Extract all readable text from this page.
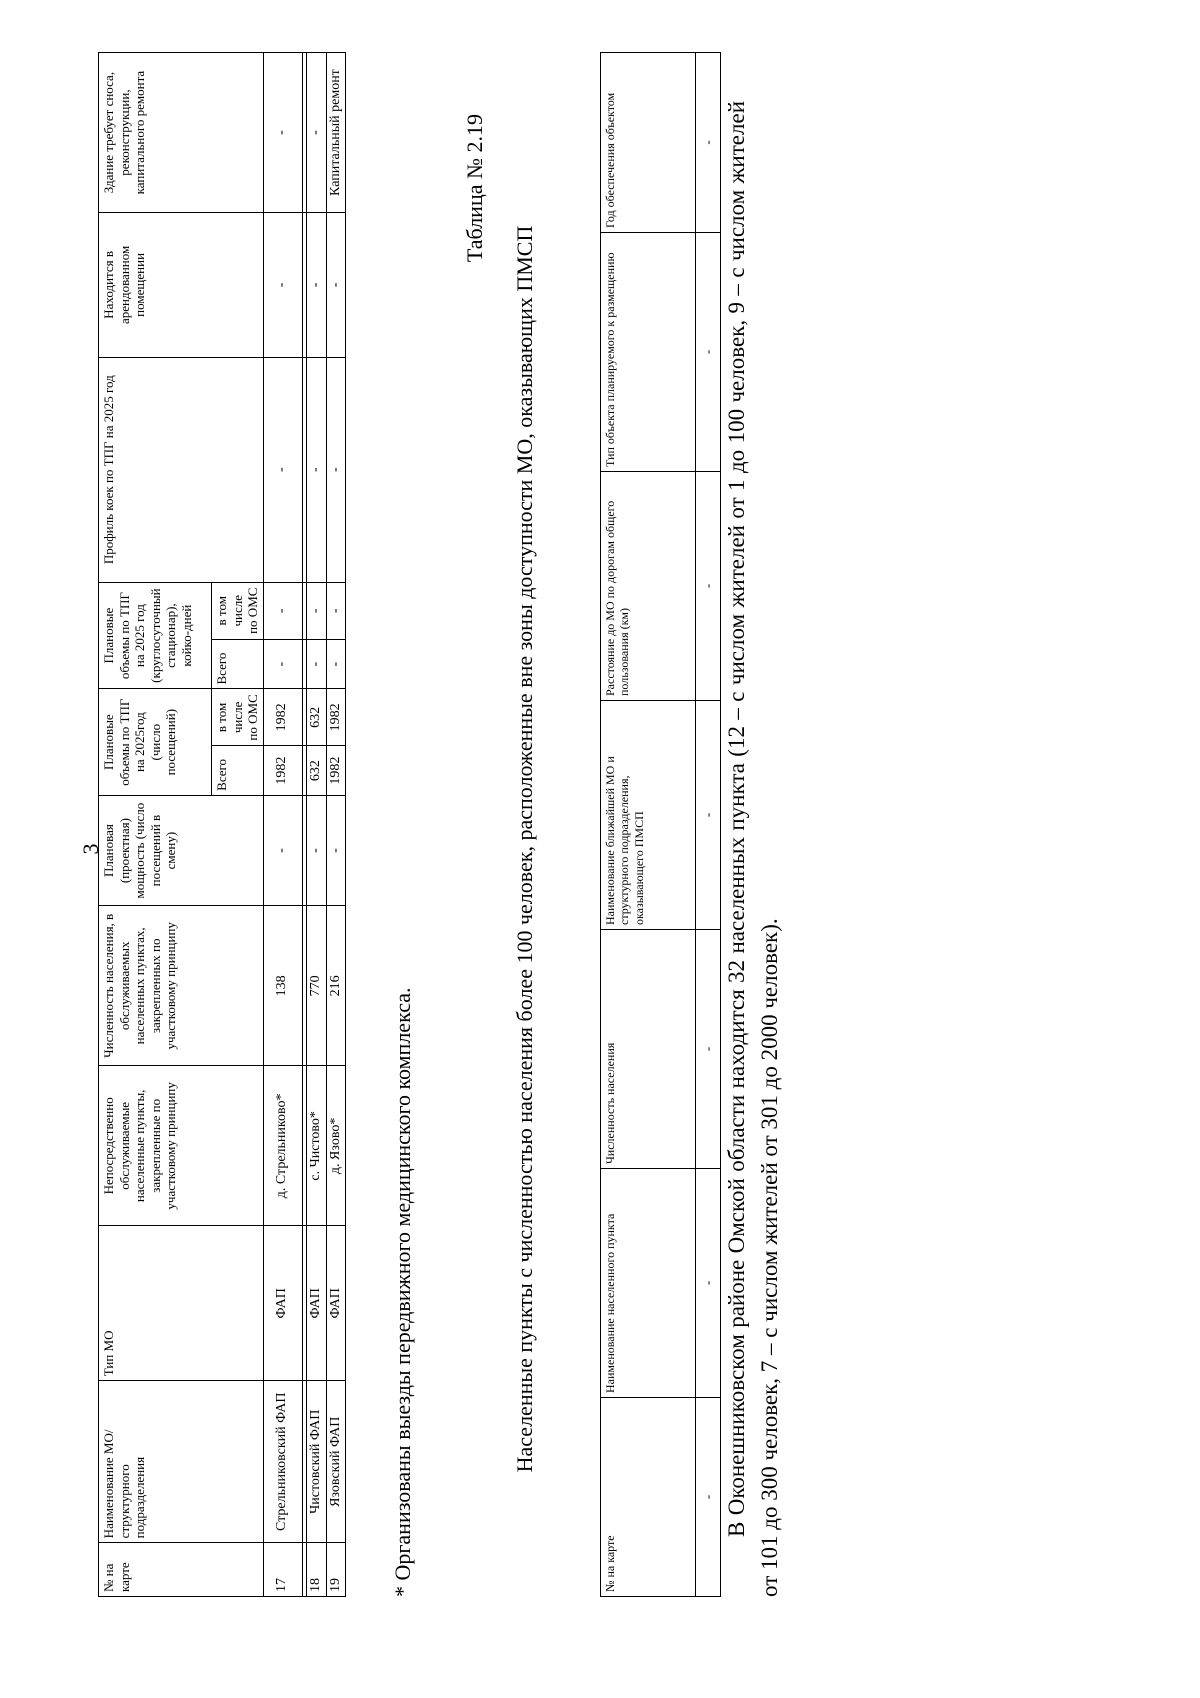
3
№ на карте	Наименование МО/ структурного подразделения	Тип МО	Непосредственно обслуживаемые населенные пункты, закрепленные по участковому принципу	Численность населения, в обслуживаемых населенных пунктах, закрепленных по участковому принципу	Плановая (проектная) мощность (число посещений в смену)	Плановые объемы по ТПГ на 2025год (число посещений)		Плановые объемы по ТПГ на 2025 год (круглосуточный стационар), койко-дней		Профиль коек по ТПГ на 2025 год	Находится в арендованном помещении	Здание требует сноса, реконструкции, капитального ремонта
						Всего	в том числе по ОМС	Всего	в том числе по ОМС			
17	Стрельниковский ФАП	ФАП	д. Стрельниково*	138	-	1982	1982	-	-	-	-	-

18	Чистовский ФАП	ФАП	с. Чистово*	770	-	632	632	-	-	-	-	-
19	Язовский ФАП	ФАП	д. Язово*	216	-	1982	1982	-	-	-	-	Капитальный ремонт
* Организованы выезды передвижного медицинского комплекса.
Таблица № 2.19
Населенные пункты с численностью населения более 100 человек, расположенные вне зоны доступности МО, оказывающих ПМСП
№ на карте	Наименование населенного пункта	Численность населения	Наименование ближайшей МО и структурного подразделения, оказывающего ПМСП	Расстояние до МО по дорогам общего пользования (км)	Тип объекта планируемого к размещению	Год обеспечения объектом
-	-	-	-	-	-	- В Оконешниковском районе Омской области находится 32 населенных пункта (12 – с числом жителей от 1 до 100 человек, 9 – с числом жителей от 101 до 300 человек, 7 – с числом жителей от 301 до 2000 человек).
